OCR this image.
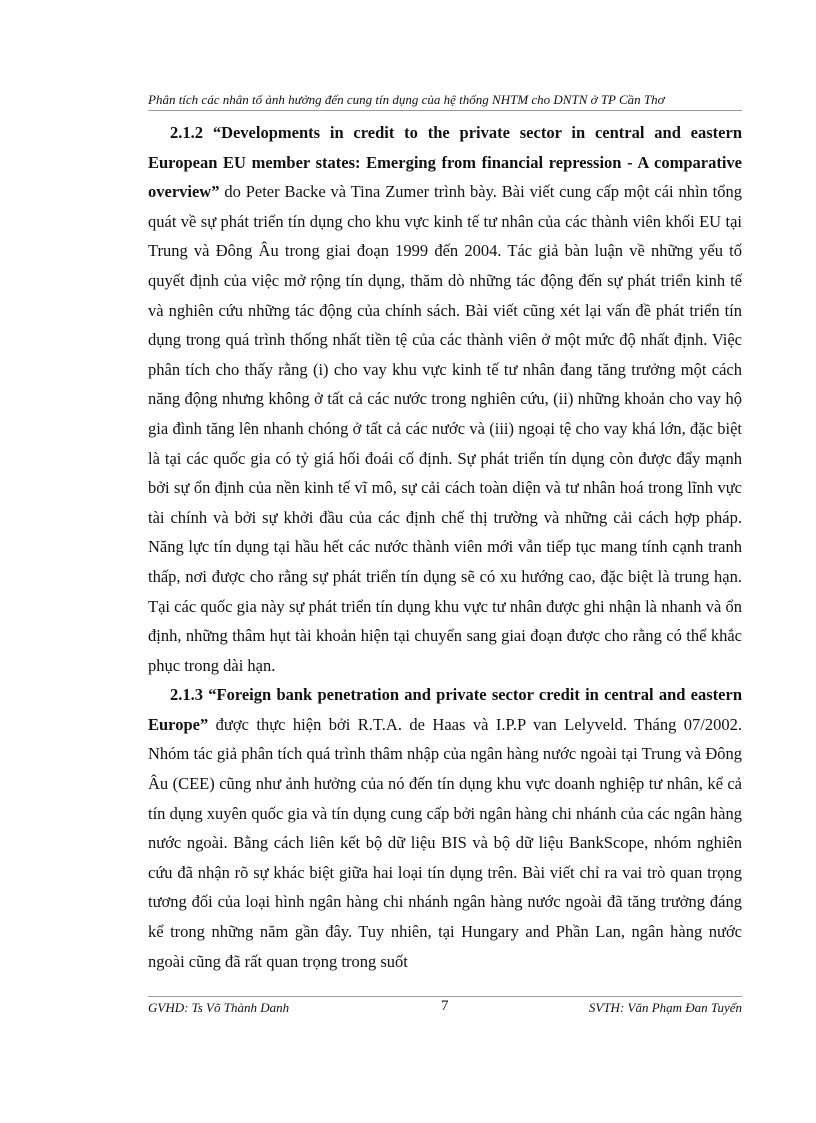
Phân tích các nhân tố ảnh hưởng đến cung tín dụng của hệ thống NHTM cho DNTN ở TP Cần Thơ

2.1.2 “Developments in credit to the private sector in central and eastern European EU member states: Emerging from financial repression - A comparative overview” do Peter Backe và Tina Zumer trình bày. Bài viết cung cấp một cái nhìn tổng quát về sự phát triển tín dụng cho khu vực kinh tế tư nhân của các thành viên khối EU tại Trung và Đông Âu trong giai đoạn 1999 đến 2004. Tác giả bàn luận về những yếu tố quyết định của việc mở rộng tín dụng, thăm dò những tác động đến sự phát triển kinh tế và nghiên cứu những tác động của chính sách. Bài viết cũng xét lại vấn đề phát triển tín dụng trong quá trình thống nhất tiền tệ của các thành viên ở một mức độ nhất định. Việc phân tích cho thấy rằng (i) cho vay khu vực kinh tế tư nhân đang tăng trưởng một cách năng động nhưng không ở tất cả các nước trong nghiên cứu, (ii) những khoản cho vay hộ gia đình tăng lên nhanh chóng ở tất cả các nước và (iii) ngoại tệ cho vay khá lớn, đặc biệt là tại các quốc gia có tỷ giá hối đoái cố định. Sự phát triển tín dụng còn được đẩy mạnh bởi sự ổn định của nền kinh tế vĩ mô, sự cải cách toàn diện và tư nhân hoá trong lĩnh vực tài chính và bởi sự khởi đầu của các định chế thị trường và những cải cách hợp pháp. Năng lực tín dụng tại hầu hết các nước thành viên mới vẫn tiếp tục mang tính cạnh tranh thấp, nơi được cho rằng sự phát triển tín dụng sẽ có xu hướng cao, đặc biệt là trung hạn. Tại các quốc gia này sự phát triển tín dụng khu vực tư nhân được ghi nhận là nhanh và ổn định, những thâm hụt tài khoản hiện tại chuyển sang giai đoạn được cho rằng có thể khắc phục trong dài hạn.

2.1.3 “Foreign bank penetration and private sector credit in central and eastern Europe” được thực hiện bởi R.T.A. de Haas và I.P.P van Lelyveld. Tháng 07/2002. Nhóm tác giả phân tích quá trình thâm nhập của ngân hàng nước ngoài tại Trung và Đông Âu (CEE) cũng như ảnh hưởng của nó đến tín dụng khu vực doanh nghiệp tư nhân, kể cả tín dụng xuyên quốc gia và tín dụng cung cấp bởi ngân hàng chi nhánh của các ngân hàng nước ngoài. Bằng cách liên kết bộ dữ liệu BIS và bộ dữ liệu BankScope, nhóm nghiên cứu đã nhận rõ sự khác biệt giữa hai loại tín dụng trên. Bài viết chỉ ra vai trò quan trọng tương đối của loại hình ngân hàng chi nhánh ngân hàng nước ngoài đã tăng trưởng đáng kể trong những năm gần đây. Tuy nhiên, tại Hungary and Phần Lan, ngân hàng nước ngoài cũng đã rất quan trọng trong suốt

GVHD: Ts Võ Thành Danh	7	SVTH: Văn Phạm Đan Tuyển
